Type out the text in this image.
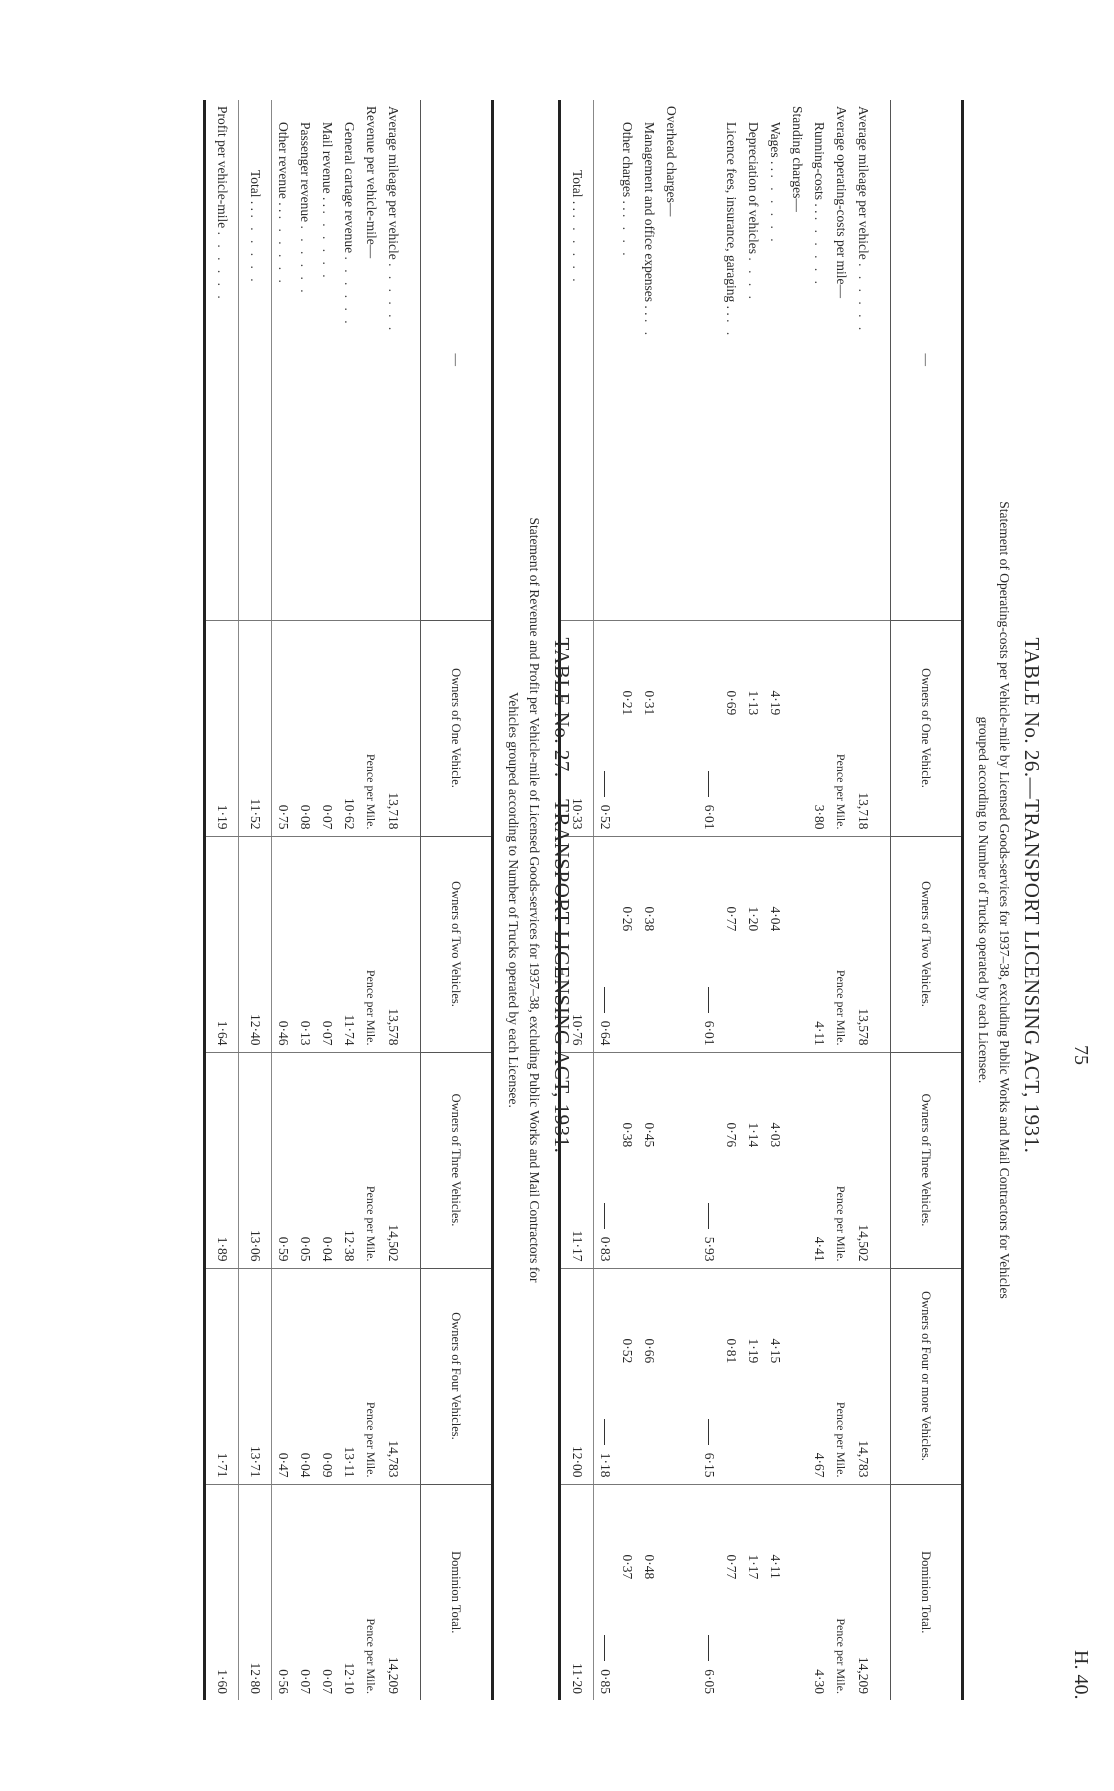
75
H. 40.
TABLE No. 26.—TRANSPORT LICENSING ACT, 1931.
Statement of Operating-costs per Vehicle-mile by Licensed Goods-services for 1937–38, excluding Public Works and Mail Contractors for Vehicles
grouped according to Number of Trucks operated by each Licensee.
—	Owners of One Vehicle.	Owners of Two Vehicles.	Owners of Three Vehicles.	Owners of Four or more Vehicles.	Dominion Total.

Average mileage per vehicle . . . . . .	13,718	13,578	14,502	14,783	14,209
Average operating-costs per mile—	Pence per Mile.	Pence per Mile.	Pence per Mile.	Pence per Mile.	Pence per Mile.
Running-costs . . . . . . . .	3·80	4·11	4·41	4·67	4·30
Standing charges—					
Wages . . . . . . . .	4·19	4·04	4·03	4·15	4·11
Depreciation of vehicles . . . .	1·13	1·20	1·14	1·19	1·17
Licence fees, insurance, garaging . . . .	0·69	0·77	0·76	0·81	0·77
	6·01	6·01	5·93	6·15	6·05

Overhead charges—					
Management and office expenses . . . .	0·31	0·38	0·45	0·66	0·48
Other charges . . . . . .	0·21	0·26	0·38	0·52	0·37
	0·52	0·64	0·83	1·18	0·85
Total . . . . . . . .	10·33	10·76	11·17	12·00	11·20
TABLE No. 27.—TRANSPORT LICENSING ACT, 1931.
Statement of Revenue and Profit per Vehicle-mile of Licensed Goods-services for 1937–38, excluding Public Works and Mail Contractors for
Vehicles grouped according to Number of Trucks operated by each Licensee.
—	Owners of One Vehicle.	Owners of Two Vehicles.	Owners of Three Vehicles.	Owners of Four Vehicles.	Dominion Total.

Average mileage per vehicle . . . . . .	13,718	13,578	14,502	14,783	14,209
Revenue per vehicle-mile—	Pence per Mile.	Pence per Mile.	Pence per Mile.	Pence per Mile.	Pence per Mile.
General cartage revenue . . . . . .	10·62	11·74	12·38	13·11	12·10
Mail revenue . . . . . . . .	0·07	0·07	0·04	0·09	0·07
Passenger revenue . . . . . .	0·08	0·13	0·05	0·04	0·07
Other revenue . . . . . . . .	0·75	0·46	0·59	0·47	0·56
Total . . . . . . . .	11·52	12·40	13·06	13·71	12·80
Profit per vehicle-mile . . . . . .	1·19	1·64	1·89	1·71	1·60
